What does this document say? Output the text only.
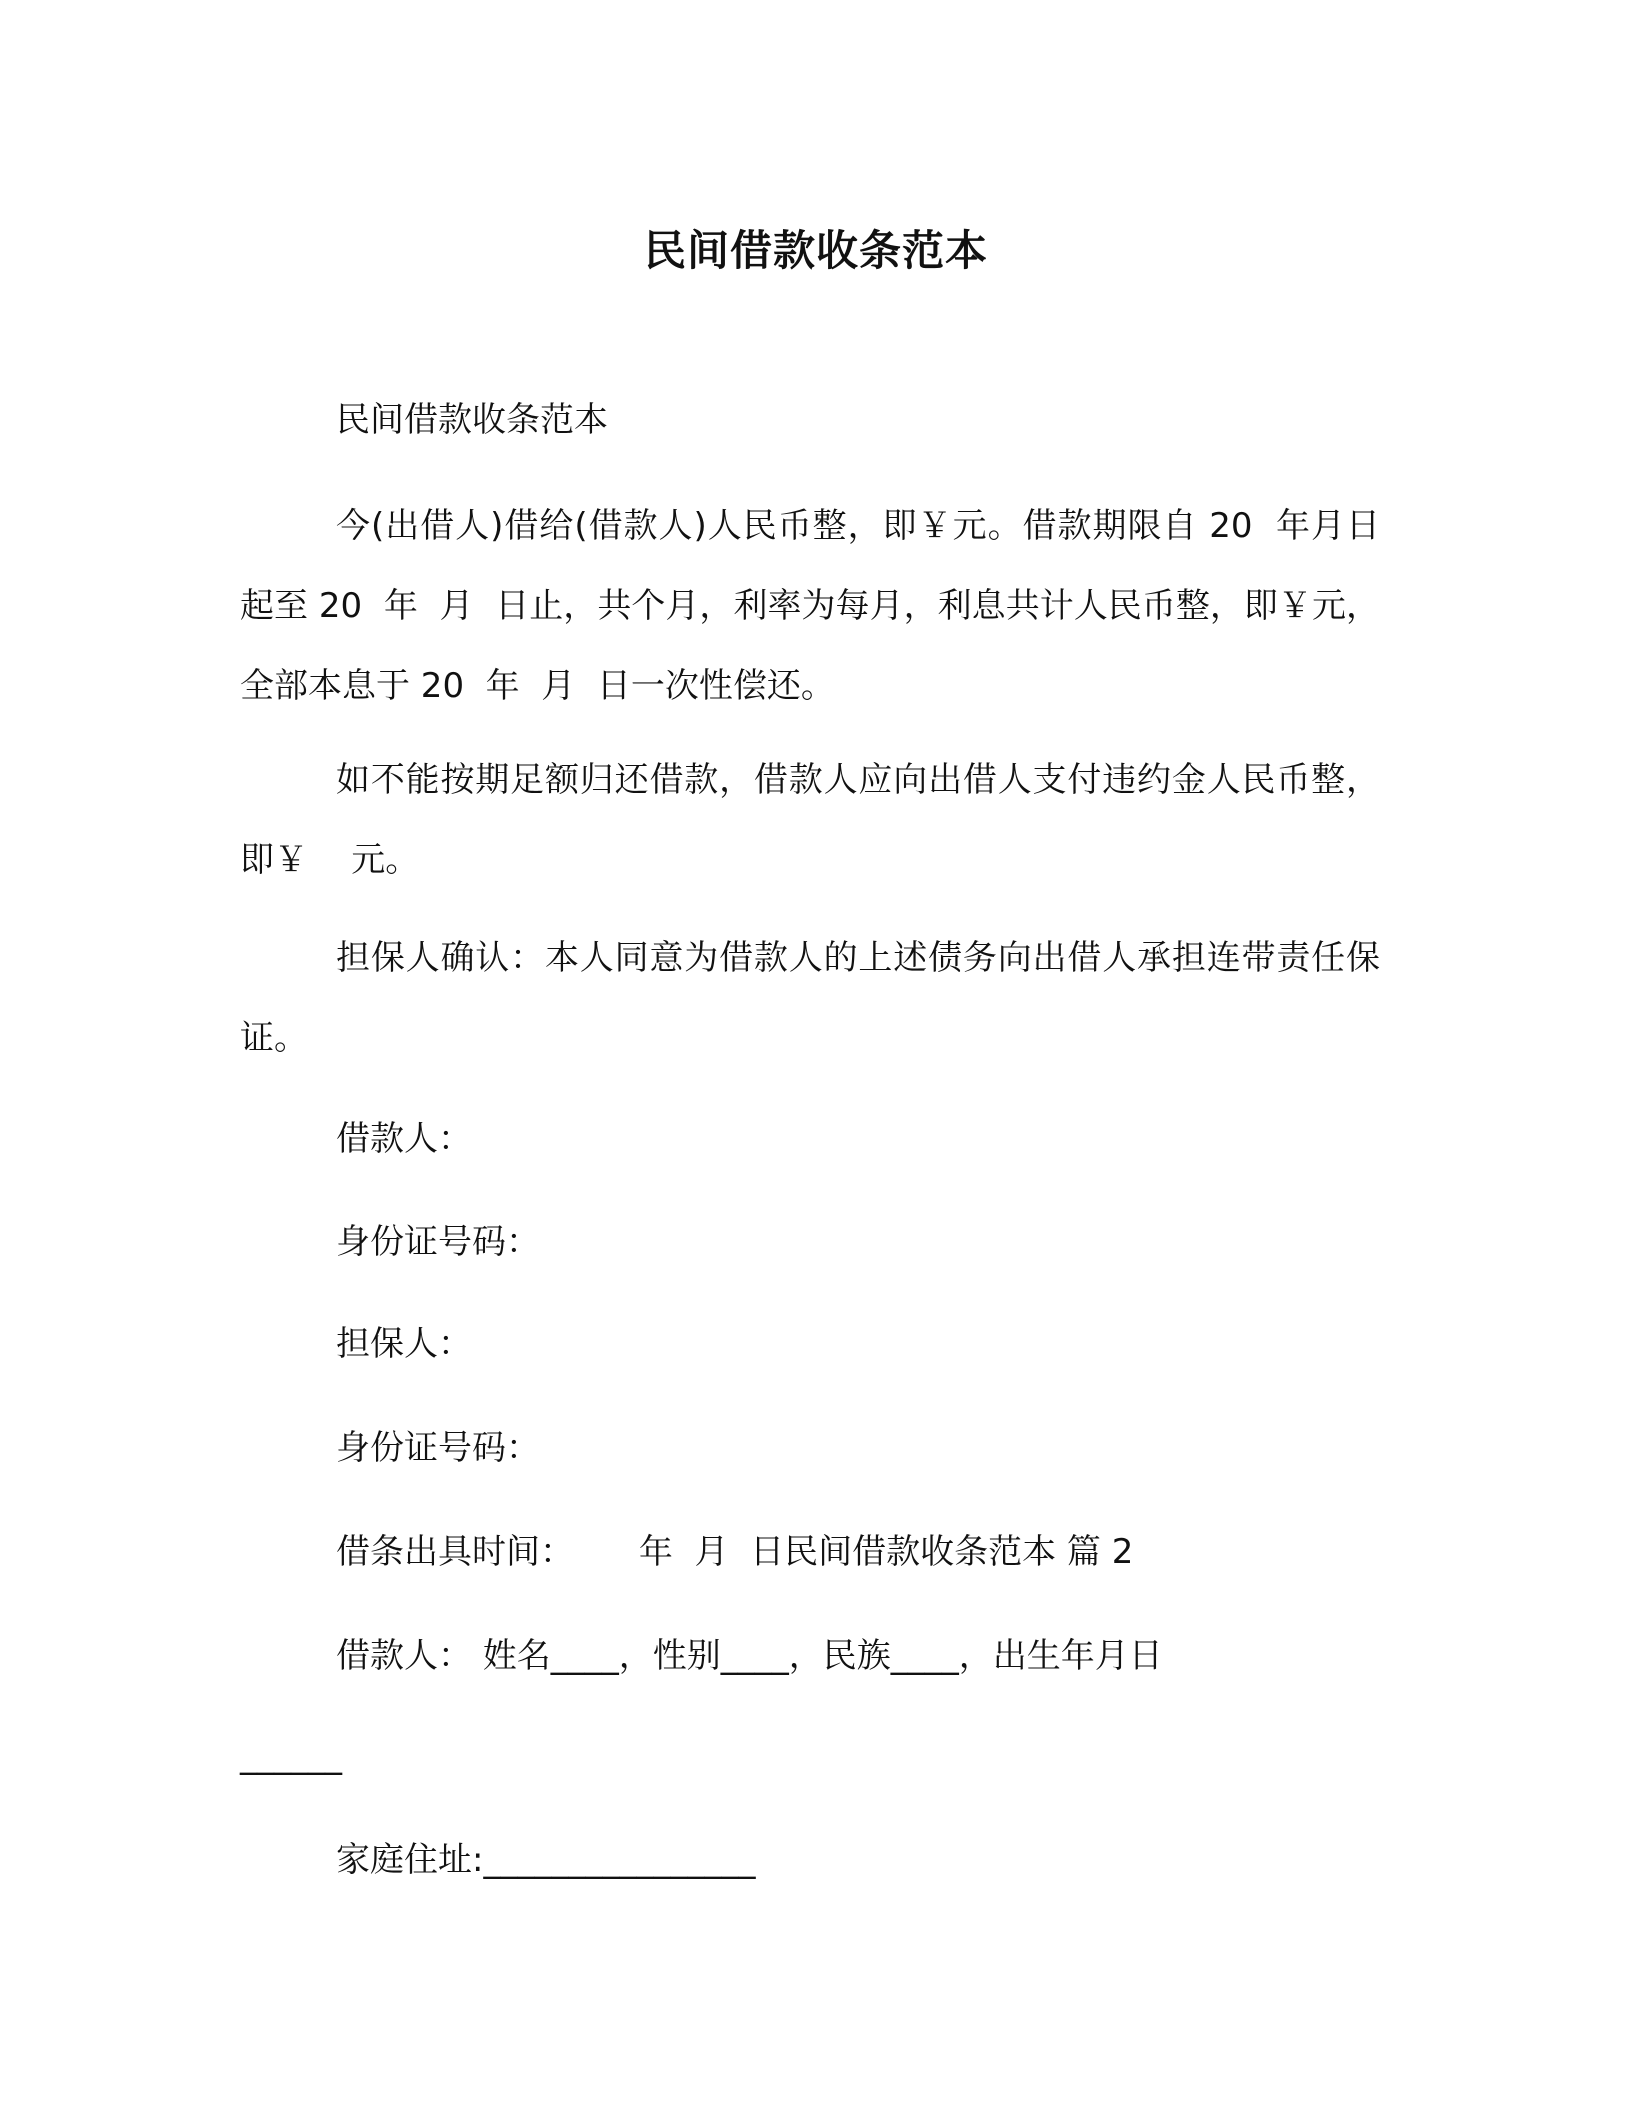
民间借款收条范本
民间借款收条范本

今(出借人)借给(借款人)人民币整，即￥元。借款期限自 20  年月日起至 20  年  月  日止，共个月，利率为每月，利息共计人民币整，即￥元，全部本息于 20  年  月  日一次性偿还。

如不能按期足额归还借款，借款人应向出借人支付违约金人民币整，即￥    元。

担保人确认：本人同意为借款人的上述债务向出借人承担连带责任保证。

借款人：
身份证号码：
担保人：
身份证号码：
借条出具时间：      年  月  日民间借款收条范本 篇 2
借款人： 姓名____，性别____，民族____，出生年月日
______
家庭住址:________________
